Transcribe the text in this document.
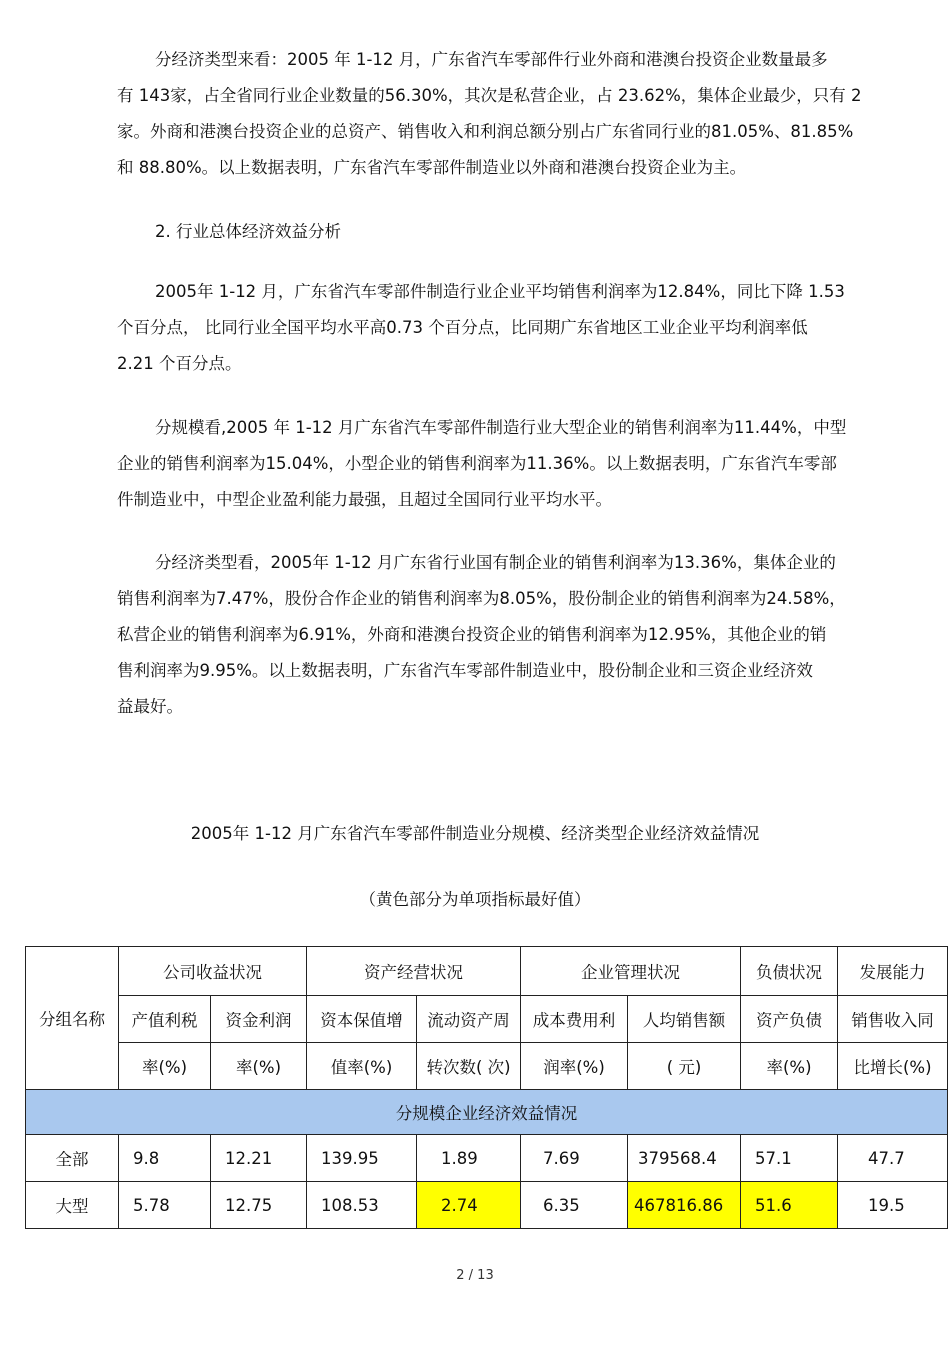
分经济类型来看：2005 年 1-12 月，广东省汽车零部件行业外商和港澳台投资企业数量最多
有 143家，占全省同行业企业数量的56.30%，其次是私营企业，占 23.62%，集体企业最少，只有 2
家。外商和港澳台投资企业的总资产、销售收入和利润总额分别占广东省同行业的81.05%、81.85%
和 88.80%。以上数据表明，广东省汽车零部件制造业以外商和港澳台投资企业为主。

2. 行业总体经济效益分析

2005年 1-12 月，广东省汽车零部件制造行业企业平均销售利润率为12.84%，同比下降 1.53
个百分点， 比同行业全国平均水平高0.73 个百分点，比同期广东省地区工业企业平均利润率低
2.21 个百分点。

分规模看,2005 年 1-12 月广东省汽车零部件制造行业大型企业的销售利润率为11.44%，中型
企业的销售利润率为15.04%，小型企业的销售利润率为11.36%。以上数据表明，广东省汽车零部
件制造业中，中型企业盈利能力最强，且超过全国同行业平均水平。

分经济类型看，2005年 1-12 月广东省行业国有制企业的销售利润率为13.36%，集体企业的
销售利润率为7.47%，股份合作企业的销售利润率为8.05%，股份制企业的销售利润率为24.58%，
私营企业的销售利润率为6.91%，外商和港澳台投资企业的销售利润率为12.95%，其他企业的销
售利润率为9.95%。以上数据表明，广东省汽车零部件制造业中，股份制企业和三资企业经济效
益最好。

2005年 1-12 月广东省汽车零部件制造业分规模、经济类型企业经济效益情况

（黄色部分为单项指标最好值）

分组名称	公司收益状况		资产经营状况		企业管理状况		负债状况	发展能力
	产值利税	资金利润	资本保值增	流动资产周	成本费用利	人均销售额	资产负债	销售收入同
	率(%)	率(%)	值率(%)	转次数( 次)	润率(%)	( 元)	率(%)	比增长(%)
分规模企业经济效益情况								
全部	9.8	12.21	139.95	1.89	7.69	379568.4	57.1	47.7
大型	5.78	12.75	108.53	2.74	6.35	467816.86	51.6	19.5
2 / 13
